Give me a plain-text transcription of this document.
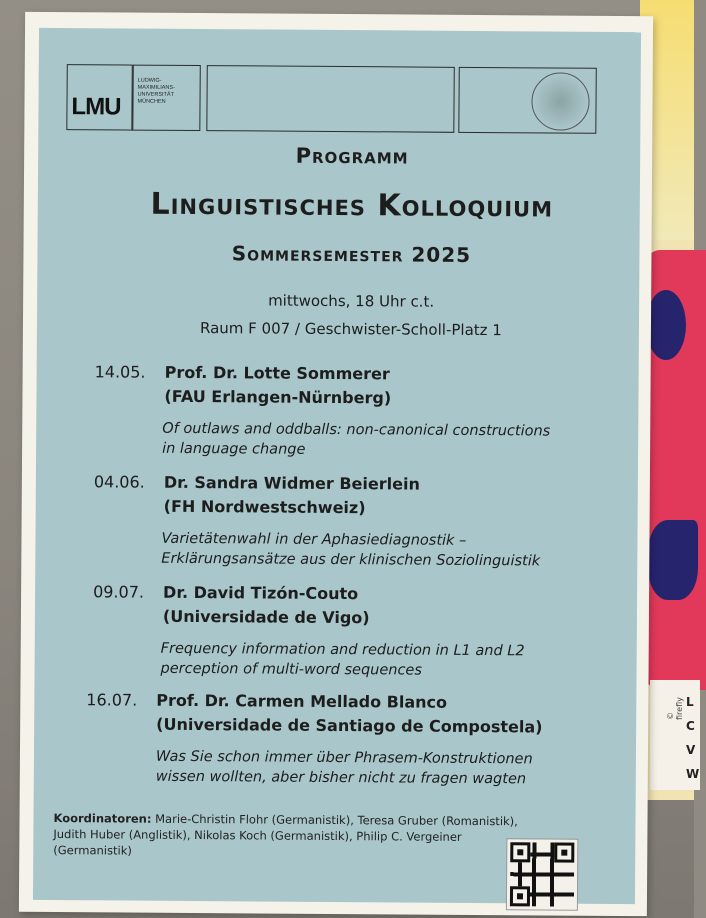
L
C
V
W
© firefly
LMU
LUDWIG-
MAXIMILIANS-
UNIVERSITÄT
MÜNCHEN
Programm
Linguistisches Kolloquium
Sommersemester 2025
mittwochs, 18 Uhr c.t.
Raum F 007 / Geschwister-Scholl-Platz 1
14.05. Prof. Dr. Lotte Sommerer
(FAU Erlangen-Nürnberg)
Of outlaws and oddballs: non-canonical constructions
in language change
04.06. Dr. Sandra Widmer Beierlein
(FH Nordwestschweiz)
Varietätenwahl in der Aphasiediagnostik –
Erklärungsansätze aus der klinischen Soziolinguistik
09.07. Dr. David Tizón-Couto
(Universidade de Vigo)
Frequency information and reduction in L1 and L2
perception of multi-word sequences
16.07. Prof. Dr. Carmen Mellado Blanco
(Universidade de Santiago de Compostela)
Was Sie schon immer über Phrasem-Konstruktionen
wissen wollten, aber bisher nicht zu fragen wagten
Koordinatoren: Marie-Christin Flohr (Germanistik), Teresa Gruber (Romanistik), Judith Huber (Anglistik), Nikolas Koch (Germanistik), Philip C. Vergeiner (Germanistik)
